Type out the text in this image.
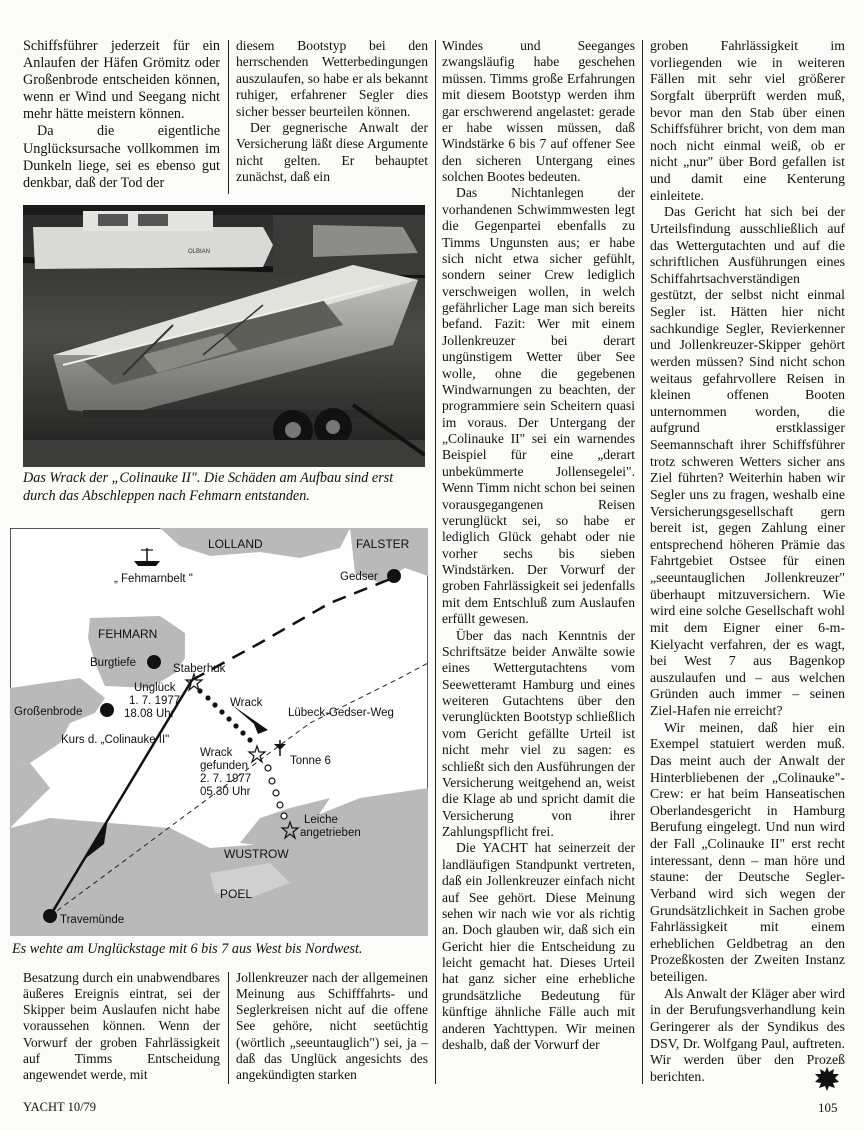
Schiffsführer jederzeit für ein Anlaufen der Häfen Grömitz oder Großenbrode entscheiden können, wenn er Wind und Seegang nicht mehr hätte meistern können.

Da die eigentliche Unglücksursache vollkommen im Dunkeln liege, sei es ebenso gut denkbar, daß der Tod der

diesem Bootstyp bei den herrschenden Wetterbedingungen auszulaufen, so habe er als bekannt ruhiger, erfahrener Segler dies sicher besser beurteilen können.

Der gegnerische Anwalt der Versicherung läßt diese Argumente nicht gelten. Er behauptet zunächst, daß ein

OLBIAN
Das Wrack der „Colinauke II". Die Schäden am Aufbau sind erst durch das Abschleppen nach Fehmarn entstanden.
LOLLAND	FALSTER
„ Fehmarnbelt "	Gedser
FEHMARN
Burgtiefe	Staberhuk
Unglück
1. 7. 1977
18.08 Uhr
Großenbrode
Wrack
Lübeck-Gedser-Weg
Kurs d. „Colinauke II"
Wrack
gefunden
2. 7. 1977
05.30 Uhr
Tonne 6
Leiche
angetrieben
WUSTROW
POEL
Travemünde
Es wehte am Unglückstage mit 6 bis 7 aus West bis Nordwest.

Besatzung durch ein unabwendbares äußeres Ereignis eintrat, sei der Skipper beim Auslaufen nicht habe voraussehen können. Wenn der Vorwurf der groben Fahrlässigkeit auf Timms Entscheidung angewendet werde, mit

Jollenkreuzer nach der allgemeinen Meinung aus Schifffahrts- und Seglerkreisen nicht auf die offene See gehöre, nicht seetüchtig (wörtlich „seeuntauglich") sei, ja – daß das Unglück angesichts des angekündigten starken

Windes und Seeganges zwangsläufig habe geschehen müssen. Timms große Erfahrungen mit diesem Bootstyp werden ihm gar erschwerend angelastet: gerade er habe wissen müssen, daß Windstärke 6 bis 7 auf offener See den sicheren Untergang eines solchen Bootes bedeuten.

Das Nichtanlegen der vorhandenen Schwimmwesten legt die Gegenpartei ebenfalls zu Timms Ungunsten aus; er habe sich nicht etwa sicher gefühlt, sondern seiner Crew lediglich verschweigen wollen, in welch gefährlicher Lage man sich bereits befand. Fazit: Wer mit einem Jollenkreuzer bei derart ungünstigem Wetter über See wolle, ohne die gegebenen Windwarnungen zu beachten, der programmiere sein Scheitern quasi im voraus. Der Untergang der „Colinauke II" sei ein warnendes Beispiel für eine „derart unbekümmerte Jollensegelei". Wenn Timm nicht schon bei seinen vorausgegangenen Reisen verunglückt sei, so habe er lediglich Glück gehabt oder nie vorher sechs bis sieben Windstärken. Der Vorwurf der groben Fahrlässigkeit sei jedenfalls mit dem Entschluß zum Auslaufen erfüllt gewesen.

Über das nach Kenntnis der Schriftsätze beider Anwälte sowie eines Wettergutachtens vom Seewetteramt Hamburg und eines weiteren Gutachtens über den verunglückten Bootstyp schließlich vom Gericht gefällte Urteil ist nicht mehr viel zu sagen: es schließt sich den Ausführungen der Versicherung weitgehend an, weist die Klage ab und spricht damit die Versicherung von ihrer Zahlungspflicht frei.

Die YACHT hat seinerzeit der landläufigen Standpunkt vertreten, daß ein Jollenkreuzer einfach nicht auf See gehört. Diese Meinung sehen wir nach wie vor als richtig an. Doch glauben wir, daß sich ein Gericht hier die Entscheidung zu leicht gemacht hat. Dieses Urteil hat ganz sicher eine erhebliche grundsätzliche Bedeutung für künftige ähnliche Fälle auch mit anderen Yachttypen. Wir meinen deshalb, daß der Vorwurf der

groben Fahrlässigkeit im vorliegenden wie in weiteren Fällen mit sehr viel größerer Sorgfalt überprüft werden muß, bevor man den Stab über einen Schiffsführer bricht, von dem man noch nicht einmal weiß, ob er nicht „nur" über Bord gefallen ist und damit eine Kenterung einleitete.

Das Gericht hat sich bei der Urteilsfindung ausschließlich auf das Wettergutachten und auf die schriftlichen Ausführungen eines Schiffahrtsachverständigen gestützt, der selbst nicht einmal Segler ist. Hätten hier nicht sachkundige Segler, Revierkenner und Jollenkreuzer-Skipper gehört werden müssen? Sind nicht schon weitaus gefahrvollere Reisen in kleinen offenen Booten unternommen worden, die aufgrund erstklassiger Seemannschaft ihrer Schiffsführer trotz schweren Wetters sicher ans Ziel führten? Weiterhin haben wir Segler uns zu fragen, weshalb eine Versicherungsgesellschaft gern bereit ist, gegen Zahlung einer entsprechend höheren Prämie das Fahrtgebiet Ostsee für einen „seeuntauglichen Jollenkreuzer" überhaupt mitzuversichern. Wie wird eine solche Gesellschaft wohl mit dem Eigner einer 6-m-Kielyacht verfahren, der es wagt, bei West 7 aus Bagenkop auszulaufen und – aus welchen Gründen auch immer – seinen Ziel-Hafen nie erreicht?

Wir meinen, daß hier ein Exempel statuiert werden muß. Das meint auch der Anwalt der Hinterbliebenen der „Colinauke"-Crew: er hat beim Hanseatischen Oberlandesgericht in Hamburg Berufung eingelegt. Und nun wird der Fall „Colinauke II" erst recht interessant, denn – man höre und staune: der Deutsche Segler-Verband wird sich wegen der Grundsätzlichkeit in Sachen grobe Fahrlässigkeit mit einem erheblichen Geldbetrag an den Prozeßkosten der Zweiten Instanz beteiligen.

Als Anwalt der Kläger aber wird in der Berufungsverhandlung kein Geringerer als der Syndikus des DSV, Dr. Wolfgang Paul, auftreten. Wir werden über den Prozeß berichten.

YACHT 10/79	105
